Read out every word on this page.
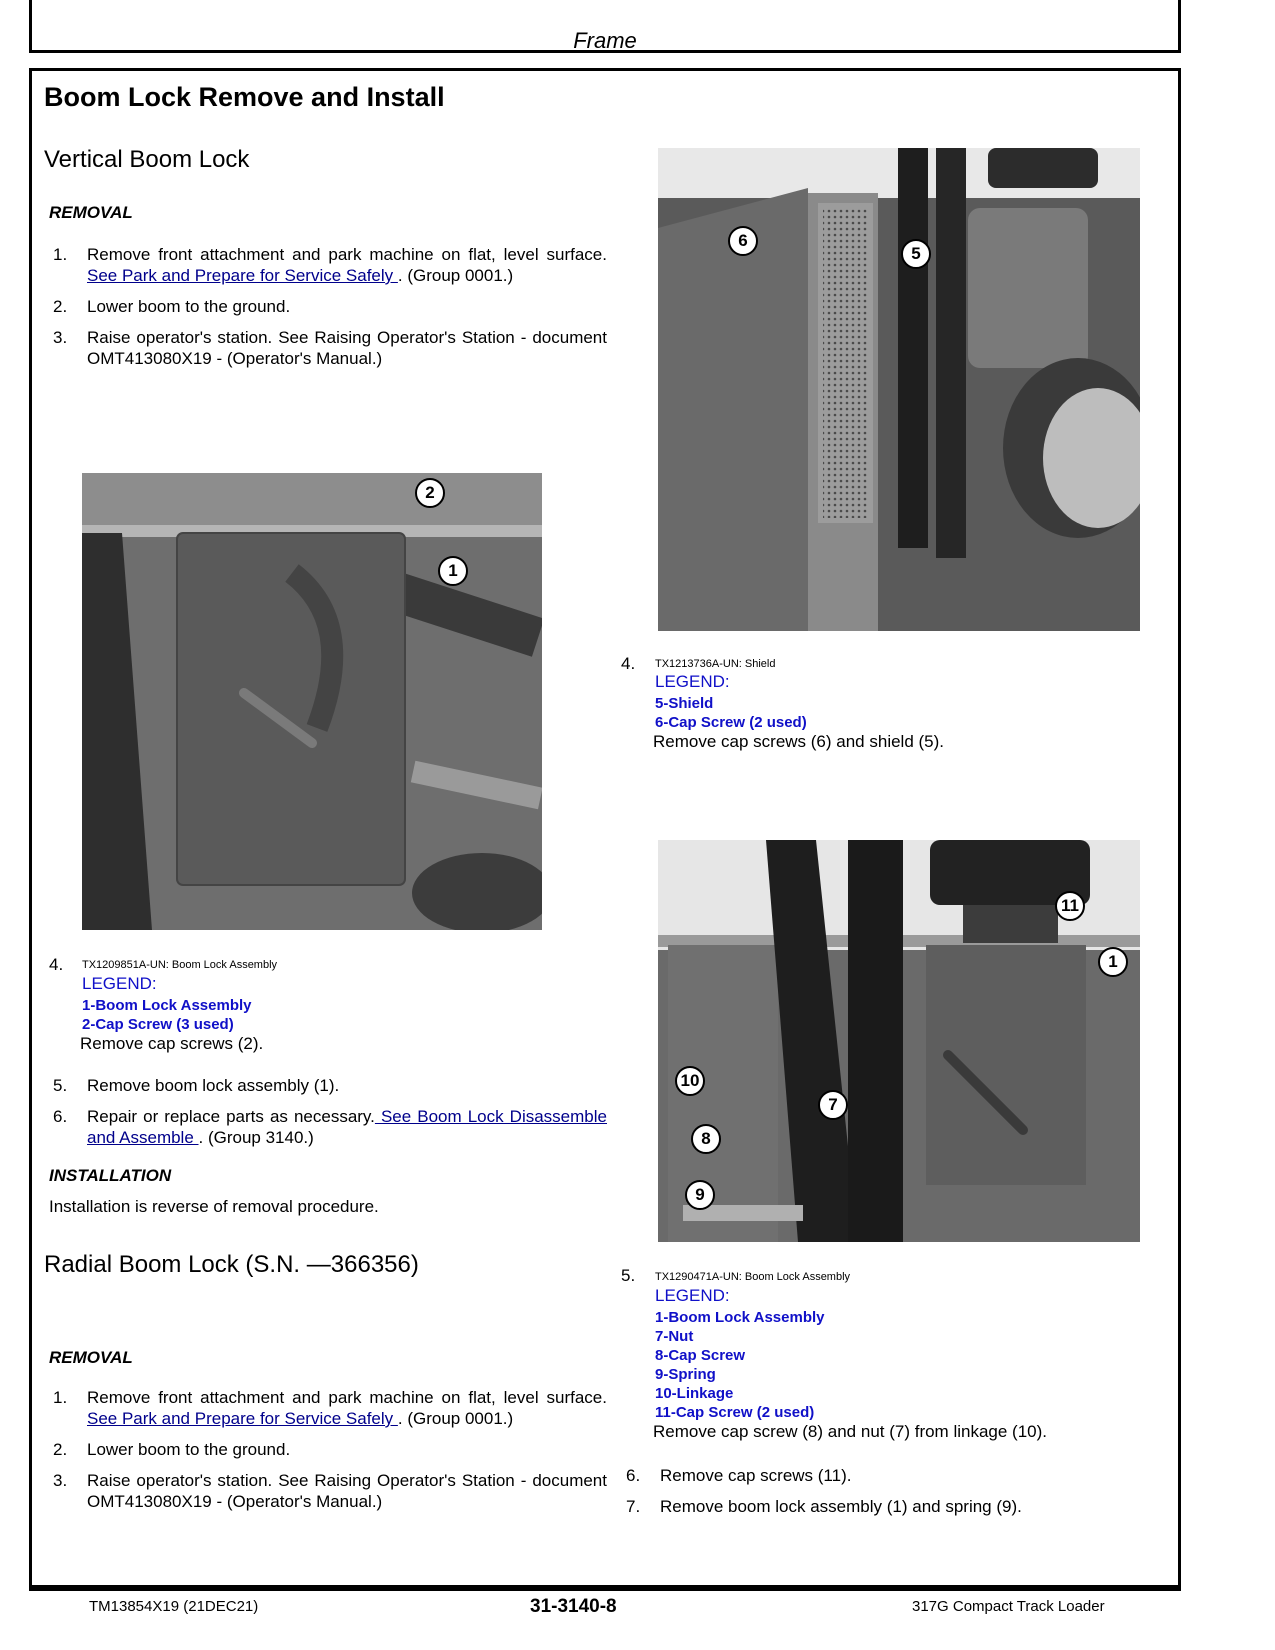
Frame
Boom Lock Remove and Install
Vertical Boom Lock
REMOVAL
1. Remove front attachment and park machine on flat, level surface. See Park and Prepare for Service Safely . (Group 0001.)
2. Lower boom to the ground.
3. Raise operator's station. See Raising Operator's Station - document OMT413080X19 - (Operator's Manual.)
2
1
4. TX1209851A-UN: Boom Lock Assembly
LEGEND:
1-Boom Lock Assembly
2-Cap Screw (3 used)
Remove cap screws (2).
5. Remove boom lock assembly (1).
6. Repair or replace parts as necessary. See Boom Lock Disassemble and Assemble . (Group 3140.)
INSTALLATION
Installation is reverse of removal procedure.
Radial Boom Lock (S.N. —366356)
REMOVAL
1. Remove front attachment and park machine on flat, level surface. See Park and Prepare for Service Safely . (Group 0001.)
2. Lower boom to the ground.
3. Raise operator's station. See Raising Operator's Station - document OMT413080X19 - (Operator's Manual.)
6
5
4. TX1213736A-UN: Shield
LEGEND:
5-Shield
6-Cap Screw (2 used)
Remove cap screws (6) and shield (5).
11
1
10
7
8
9
5. TX1290471A-UN: Boom Lock Assembly
LEGEND:
1-Boom Lock Assembly
7-Nut
8-Cap Screw
9-Spring
10-Linkage
11-Cap Screw (2 used)
Remove cap screw (8) and nut (7) from linkage (10).
6. Remove cap screws (11).
7. Remove boom lock assembly (1) and spring (9).
TM13854X19 (21DEC21)	31-3140-8	317G Compact Track Loader
